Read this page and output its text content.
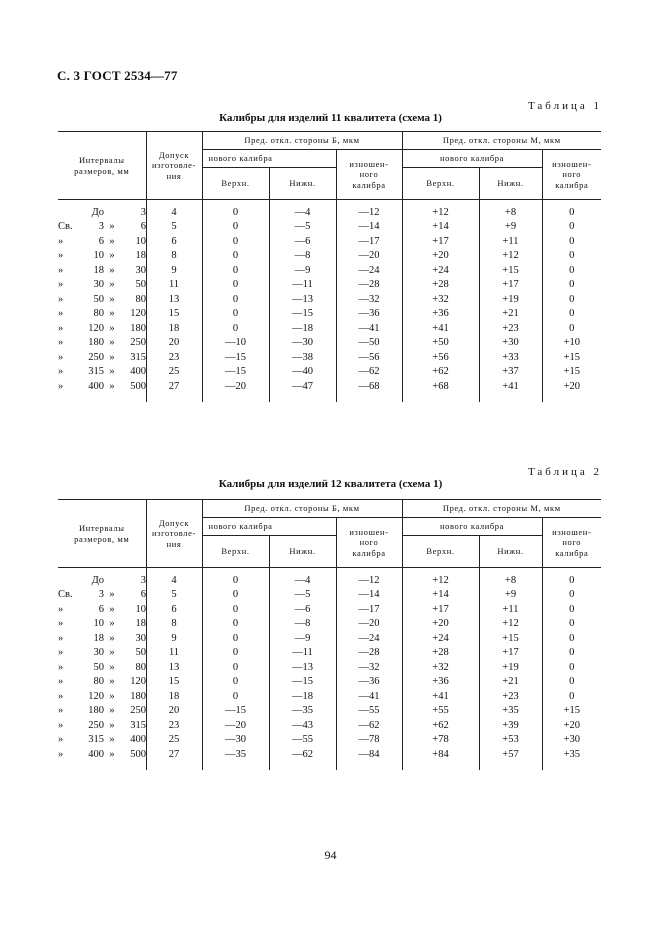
С. 3 ГОСТ 2534—77
Таблица 1
Калибры для изделий 11 квалитета (схема 1)
Интервалы
размеров, мм	Допуск
изготовле-
ния	Пред. откл. стороны Б, мкм			Пред. откл. стороны М, мкм		
		нового калибра		изношен-
ного
калибра	нового калибра		изношен-
ного
калибра
		Верхн.	Нижн.		Верхн.	Нижн.	
До 3	4	0	—4	—12	+12	+8	0
Св. 3 » 6	5	0	—5	—14	+14	+9	0
» 6 » 10	6	0	—6	—17	+17	+11	0
» 10 » 18	8	0	—8	—20	+20	+12	0
» 18 » 30	9	0	—9	—24	+24	+15	0
» 30 » 50	11	0	—11	—28	+28	+17	0
» 50 » 80	13	0	—13	—32	+32	+19	0
» 80 » 120	15	0	—15	—36	+36	+21	0
» 120 » 180	18	0	—18	—41	+41	+23	0
» 180 » 250	20	—10	—30	—50	+50	+30	+10
» 250 » 315	23	—15	—38	—56	+56	+33	+15
» 315 » 400	25	—15	—40	—62	+62	+37	+15
» 400 » 500	27	—20	—47	—68	+68	+41	+20
Таблица 2
Калибры для изделий 12 квалитета (схема 1)
Интервалы
размеров, мм	Допуск
изготовле-
ния	Пред. откл. стороны Б, мкм			Пред. откл. стороны М, мкм		
		нового калибра		изношен-
ного
калибра	нового калибра		изношен-
ного
калибра
		Верхн.	Нижн.		Верхн.	Нижн.	
До 3	4	0	—4	—12	+12	+8	0
Св. 3 » 6	5	0	—5	—14	+14	+9	0
» 6 » 10	6	0	—6	—17	+17	+11	0
» 10 » 18	8	0	—8	—20	+20	+12	0
» 18 » 30	9	0	—9	—24	+24	+15	0
» 30 » 50	11	0	—11	—28	+28	+17	0
» 50 » 80	13	0	—13	—32	+32	+19	0
» 80 » 120	15	0	—15	—36	+36	+21	0
» 120 » 180	18	0	—18	—41	+41	+23	0
» 180 » 250	20	—15	—35	—55	+55	+35	+15
» 250 » 315	23	—20	—43	—62	+62	+39	+20
» 315 » 400	25	—30	—55	—78	+78	+53	+30
» 400 » 500	27	—35	—62	—84	+84	+57	+35
94
